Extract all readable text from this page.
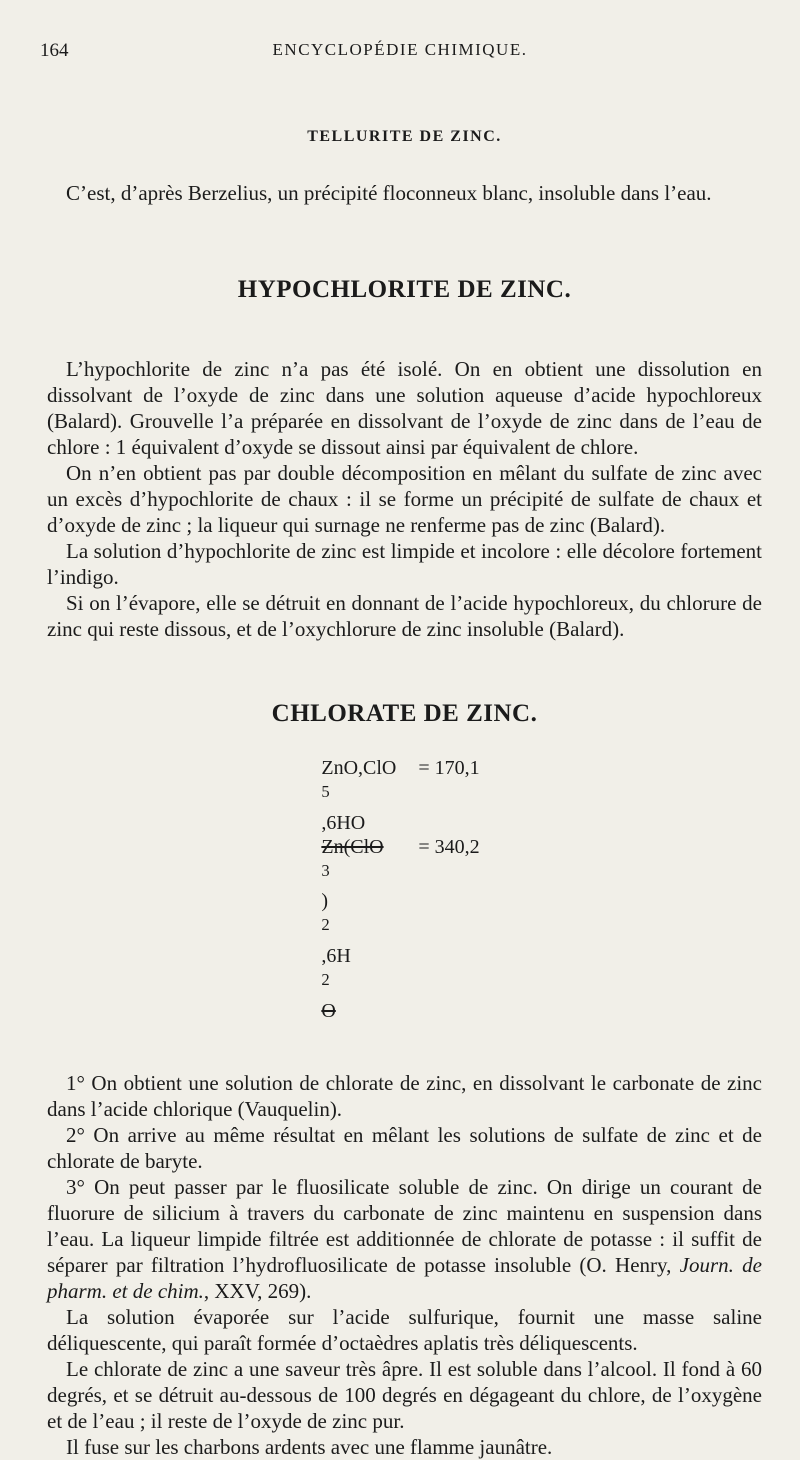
164	ENCYCLOPÉDIE CHIMIQUE.
TELLURITE DE ZINC.

C’est, d’après Berzelius, un précipité floconneux blanc, insoluble dans l’eau.

HYPOCHLORITE DE ZINC.

L’hypochlorite de zinc n’a pas été isolé. On en obtient une dissolution en dissolvant de l’oxyde de zinc dans une solution aqueuse d’acide hypochloreux (Balard). Grouvelle l’a préparée en dissolvant de l’oxyde de zinc dans de l’eau de chlore : 1 équivalent d’oxyde se dissout ainsi par équivalent de chlore.

On n’en obtient pas par double décomposition en mêlant du sulfate de zinc avec un excès d’hypochlorite de chaux : il se forme un précipité de sulfate de chaux et d’oxyde de zinc ; la liqueur qui surnage ne renferme pas de zinc (Balard).

La solution d’hypochlorite de zinc est limpide et incolore : elle décolore fortement l’indigo.

Si on l’évapore, elle se détruit en donnant de l’acide hypochloreux, du chlorure de zinc qui reste dissous, et de l’oxychlorure de zinc insoluble (Balard).

CHLORATE DE ZINC.
ZnO,ClO$^5$,6HO	= 170,1
$Zn(ClO^3)^2,6H^2O$	= 340,2

1° On obtient une solution de chlorate de zinc, en dissolvant le carbonate de zinc dans l’acide chlorique (Vauquelin).

2° On arrive au même résultat en mêlant les solutions de sulfate de zinc et de chlorate de baryte.

3° On peut passer par le fluosilicate soluble de zinc. On dirige un courant de fluorure de silicium à travers du carbonate de zinc maintenu en suspension dans l’eau. La liqueur limpide filtrée est additionnée de chlorate de potasse : il suffit de séparer par filtration l’hydrofluosilicate de potasse insoluble (O. Henry, Journ. de pharm. et de chim., XXV, 269).

La solution évaporée sur l’acide sulfurique, fournit une masse saline déliquescente, qui paraît formée d’octaèdres aplatis très déliquescents.

Le chlorate de zinc a une saveur très âpre. Il est soluble dans l’alcool. Il fond à 60 degrés, et se détruit au-dessous de 100 degrés en dégageant du chlore, de l’oxygène et de l’eau ; il reste de l’oxyde de zinc pur.

Il fuse sur les charbons ardents avec une flamme jaunâtre.
